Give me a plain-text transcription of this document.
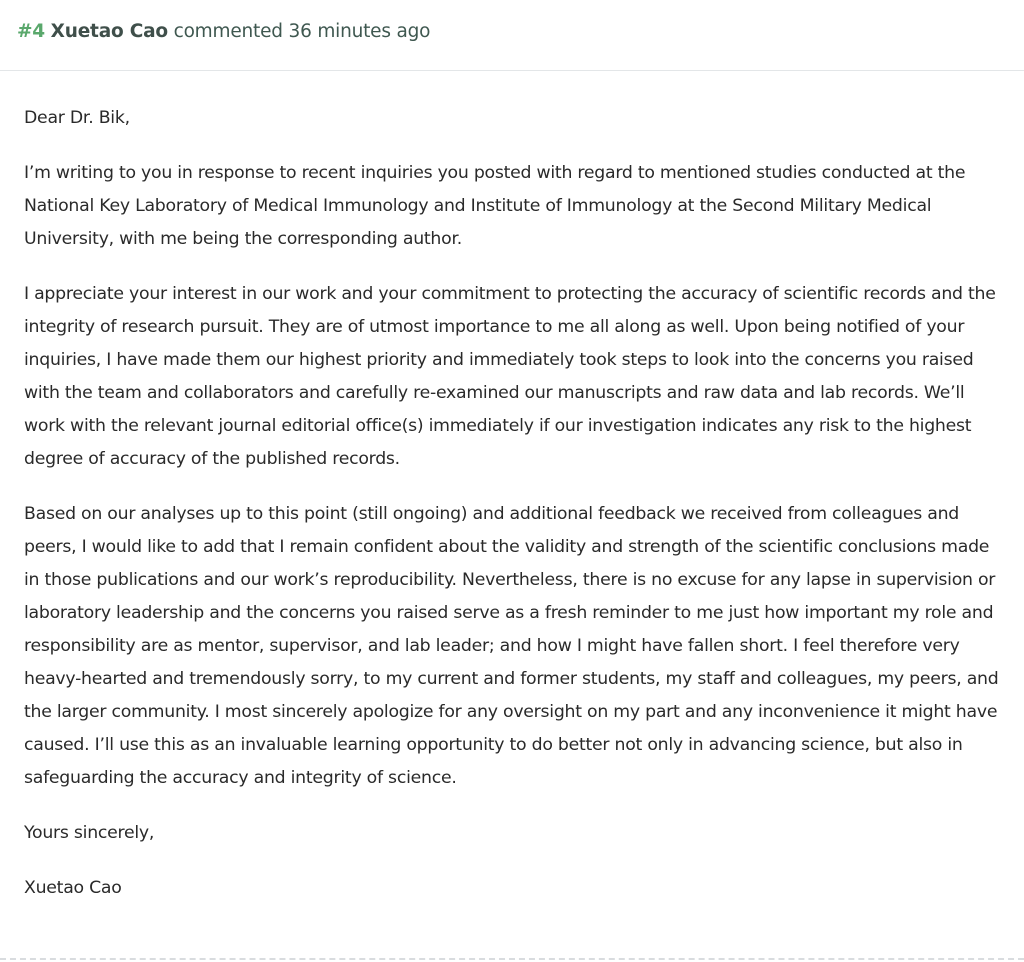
#4 Xuetao Cao commented 36 minutes ago

Dear Dr. Bik,

I’m writing to you in response to recent inquiries you posted with regard to mentioned studies conducted at the National Key Laboratory of Medical Immunology and Institute of Immunology at the Second Military Medical University, with me being the corresponding author.

I appreciate your interest in our work and your commitment to protecting the accuracy of scientific records and the integrity of research pursuit. They are of utmost importance to me all along as well. Upon being notified of your inquiries, I have made them our highest priority and immediately took steps to look into the concerns you raised with the team and collaborators and carefully re-examined our manuscripts and raw data and lab records. We’ll work with the relevant journal editorial office(s) immediately if our investigation indicates any risk to the highest degree of accuracy of the published records.

Based on our analyses up to this point (still ongoing) and additional feedback we received from colleagues and peers, I would like to add that I remain confident about the validity and strength of the scientific conclusions made in those publications and our work’s reproducibility. Nevertheless, there is no excuse for any lapse in supervision or laboratory leadership and the concerns you raised serve as a fresh reminder to me just how important my role and responsibility are as mentor, supervisor, and lab leader; and how I might have fallen short. I feel therefore very heavy-hearted and tremendously sorry, to my current and former students, my staff and colleagues, my peers, and the larger community. I most sincerely apologize for any oversight on my part and any inconvenience it might have caused. I’ll use this as an invaluable learning opportunity to do better not only in advancing science, but also in safeguarding the accuracy and integrity of science.

Yours sincerely,

Xuetao Cao
